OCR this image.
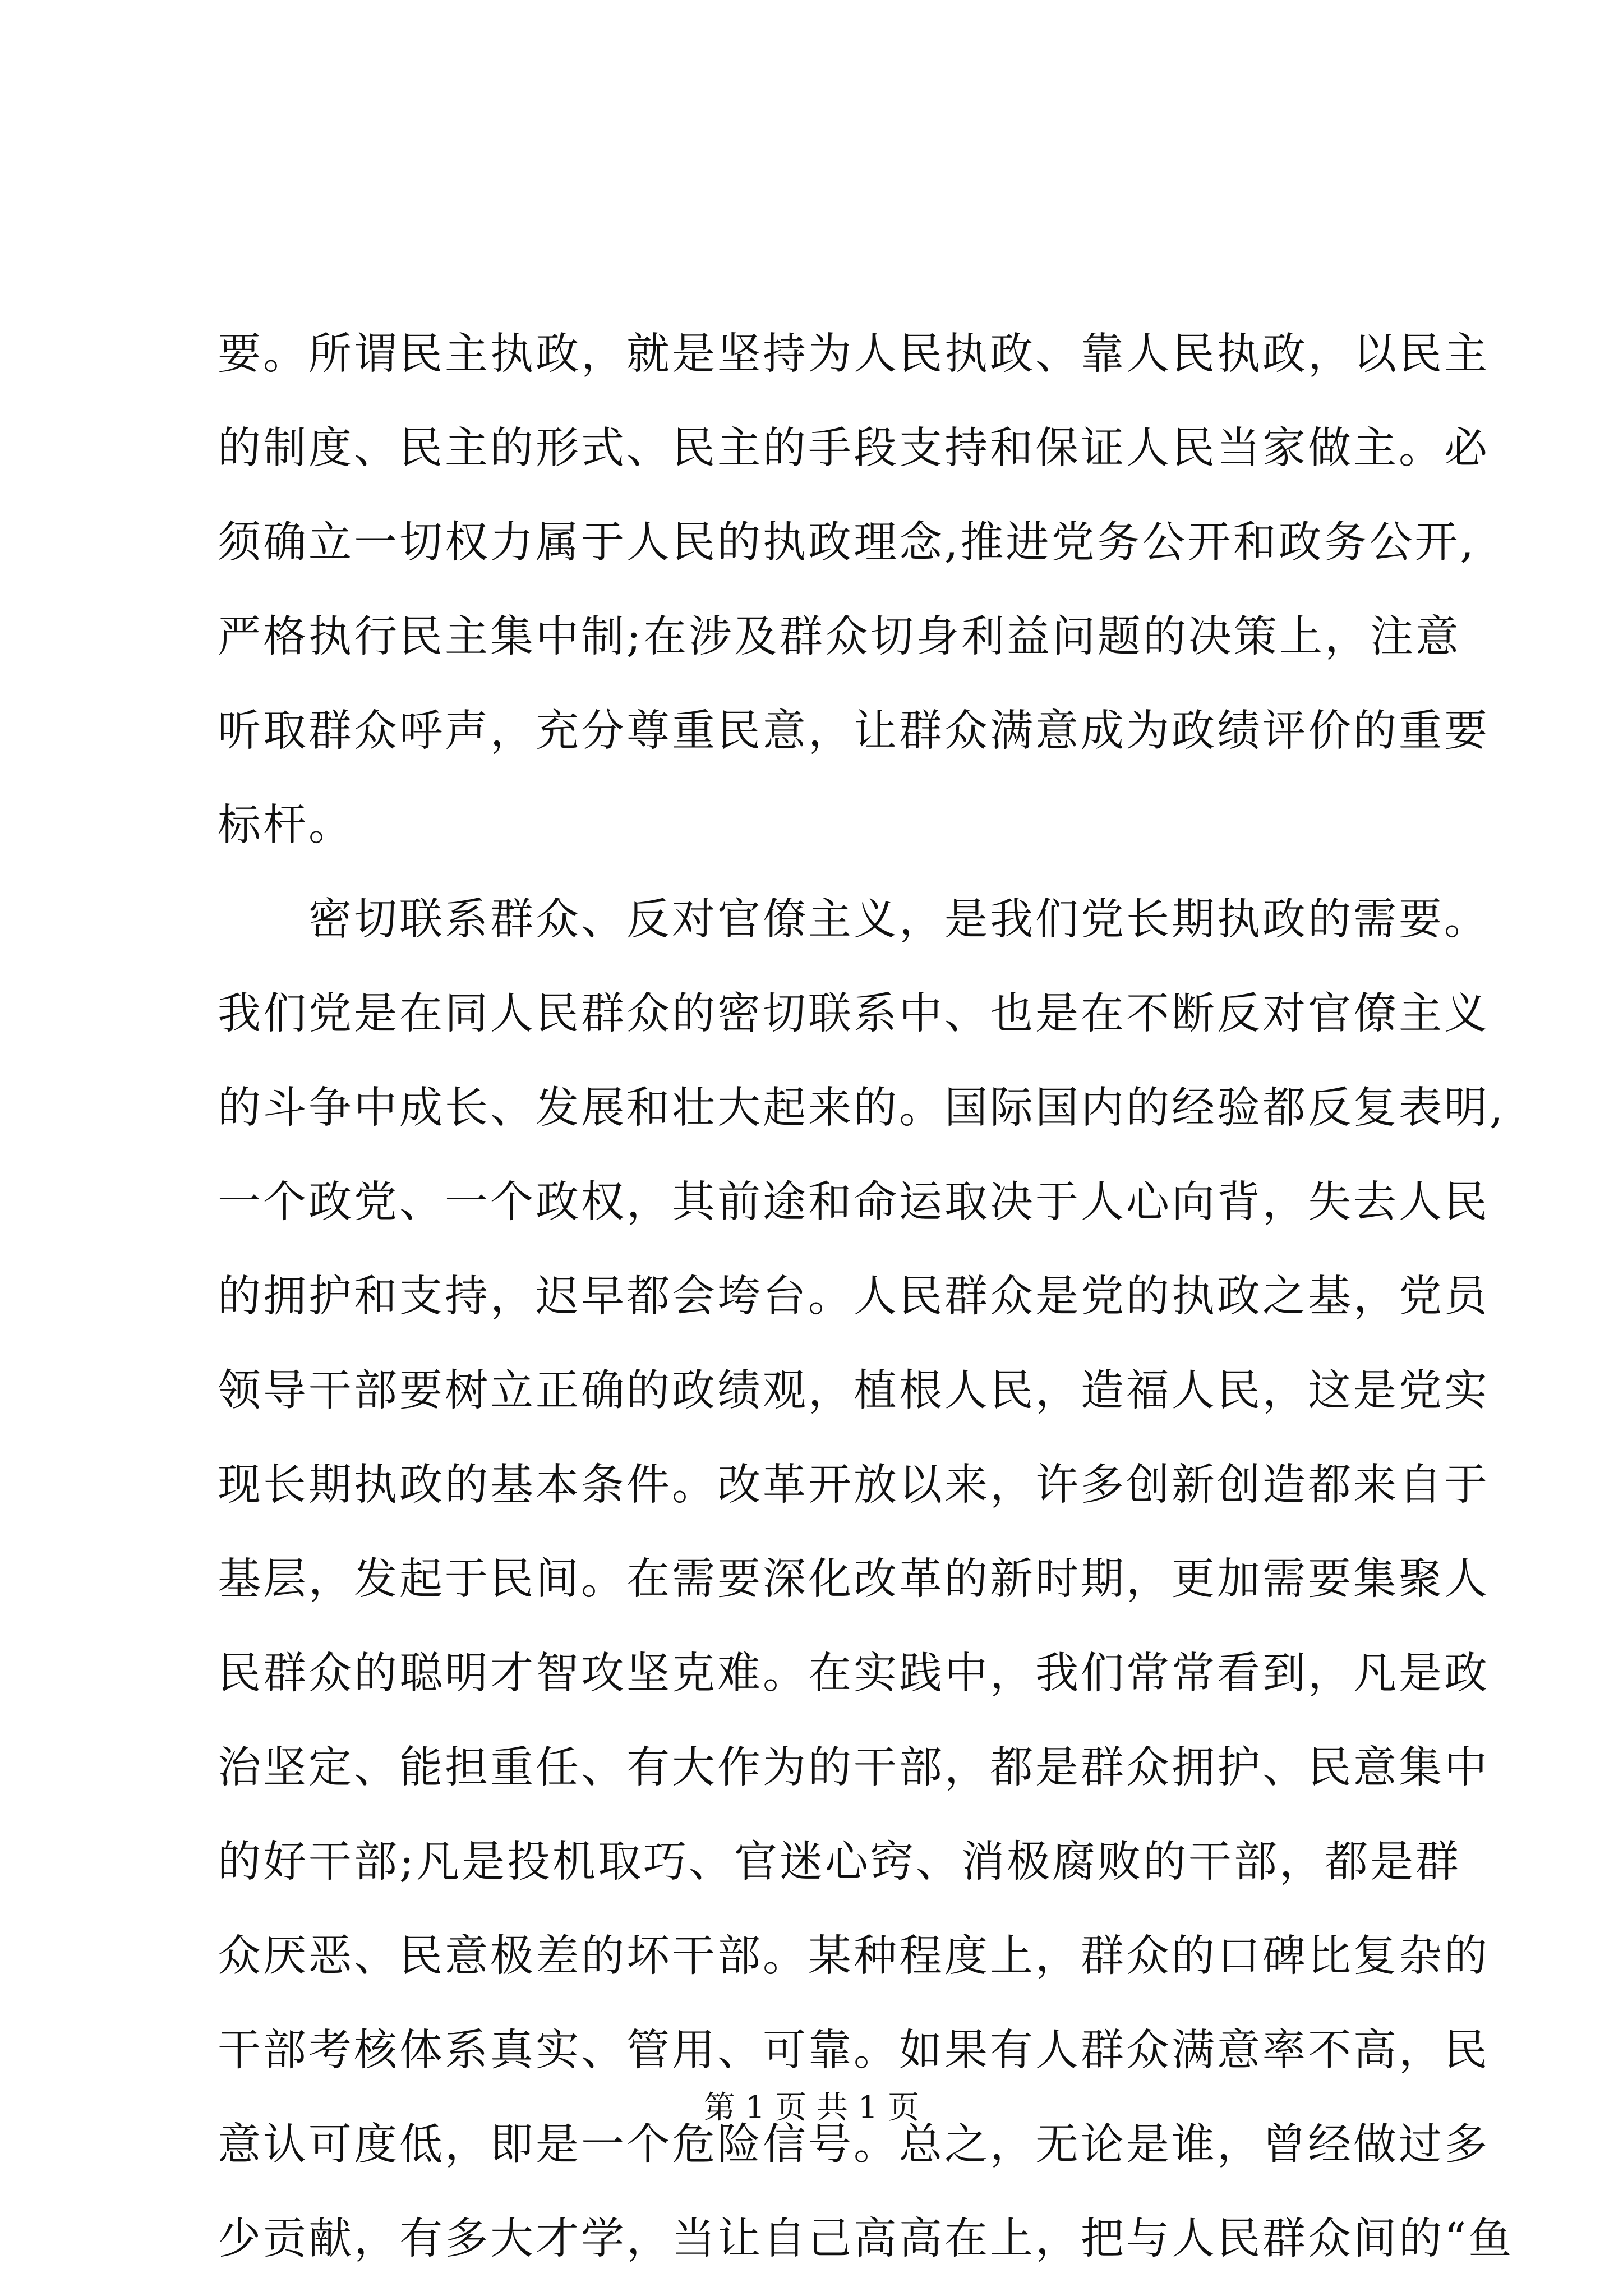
要。所谓民主执政，就是坚持为人民执政、靠人民执政，以民主
的制度、民主的形式、民主的手段支持和保证人民当家做主。必
须确立一切权力属于人民的执政理念,推进党务公开和政务公开,
严格执行民主集中制;在涉及群众切身利益问题的决策上，注意
听取群众呼声，充分尊重民意，让群众满意成为政绩评价的重要
标杆。
　　密切联系群众、反对官僚主义，是我们党长期执政的需要。
我们党是在同人民群众的密切联系中、也是在不断反对官僚主义
的斗争中成长、发展和壮大起来的。国际国内的经验都反复表明,
一个政党、一个政权，其前途和命运取决于人心向背，失去人民
的拥护和支持，迟早都会垮台。人民群众是党的执政之基，党员
领导干部要树立正确的政绩观，植根人民，造福人民，这是党实
现长期执政的基本条件。改革开放以来，许多创新创造都来自于
基层，发起于民间。在需要深化改革的新时期，更加需要集聚人
民群众的聪明才智攻坚克难。在实践中，我们常常看到，凡是政
治坚定、能担重任、有大作为的干部，都是群众拥护、民意集中
的好干部;凡是投机取巧、官迷心窍、消极腐败的干部，都是群
众厌恶、民意极差的坏干部。某种程度上，群众的口碑比复杂的
干部考核体系真实、管用、可靠。如果有人群众满意率不高，民
意认可度低，即是一个危险信号。总之，无论是谁，曾经做过多
少贡献，有多大才学，当让自己高高在上，把与人民群众间的“鱼
第 1 页 共 1 页
